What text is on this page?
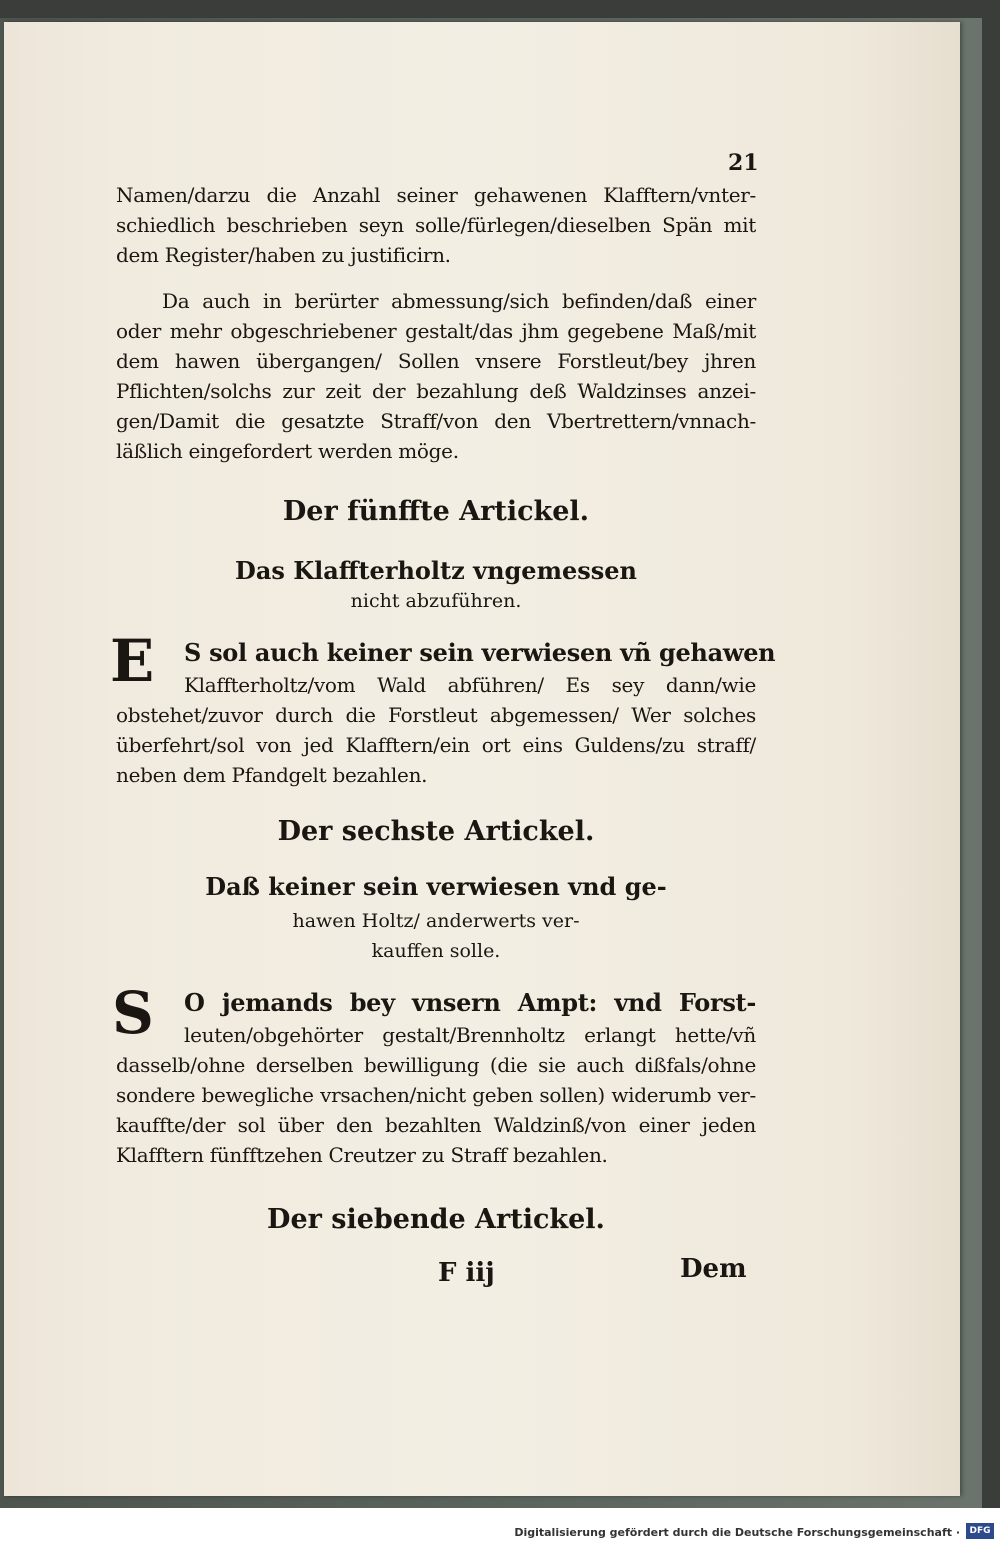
21
Namen/darzu die Anzahl seiner gehawenen Klafftern/vnter-
schiedlich beschrieben seyn solle/fürlegen/dieselben Spän mit
dem Register/haben zu justificirn.
Da auch in berürter abmessung/sich befinden/daß einer
oder mehr obgeschriebener gestalt/das jhm gegebene Maß/mit
dem hawen übergangen/ Sollen vnsere Forstleut/bey jhren
Pflichten/solchs zur zeit der bezahlung deß Waldzinses anzei-
gen/Damit die gesatzte Straff/von den Vbertrettern/vnnach-
läßlich eingefordert werden möge.
Der fünffte Artickel.
Das Klaffterholtz vngemessen
nicht abzuführen.
E	S sol auch keiner sein verwiesen vñ gehawen
Klaffterholtz/vom Wald abführen/ Es sey dann/wie
obstehet/zuvor durch die Forstleut abgemessen/ Wer solches
überfehrt/sol von jed Klafftern/ein ort eins Guldens/zu straff/
neben dem Pfandgelt bezahlen.
Der sechste Artickel.
Daß keiner sein verwiesen vnd ge-
hawen Holtz/ anderwerts ver-
kauffen solle.
S	O jemands bey vnsern Ampt: vnd Forst-
leuten/obgehörter gestalt/Brennholtz erlangt hette/vñ
dasselb/ohne derselben bewilligung (die sie auch dißfals/ohne
sondere bewegliche vrsachen/nicht geben sollen) widerumb ver-
kauffte/der sol über den bezahlten Waldzinß/von einer jeden
Klafftern fünfftzehen Creutzer zu Straff bezahlen.
Der siebende Artickel.
F iij	Dem
Digitalisierung gefördert durch die Deutsche Forschungsgemeinschaft ·	DFG
